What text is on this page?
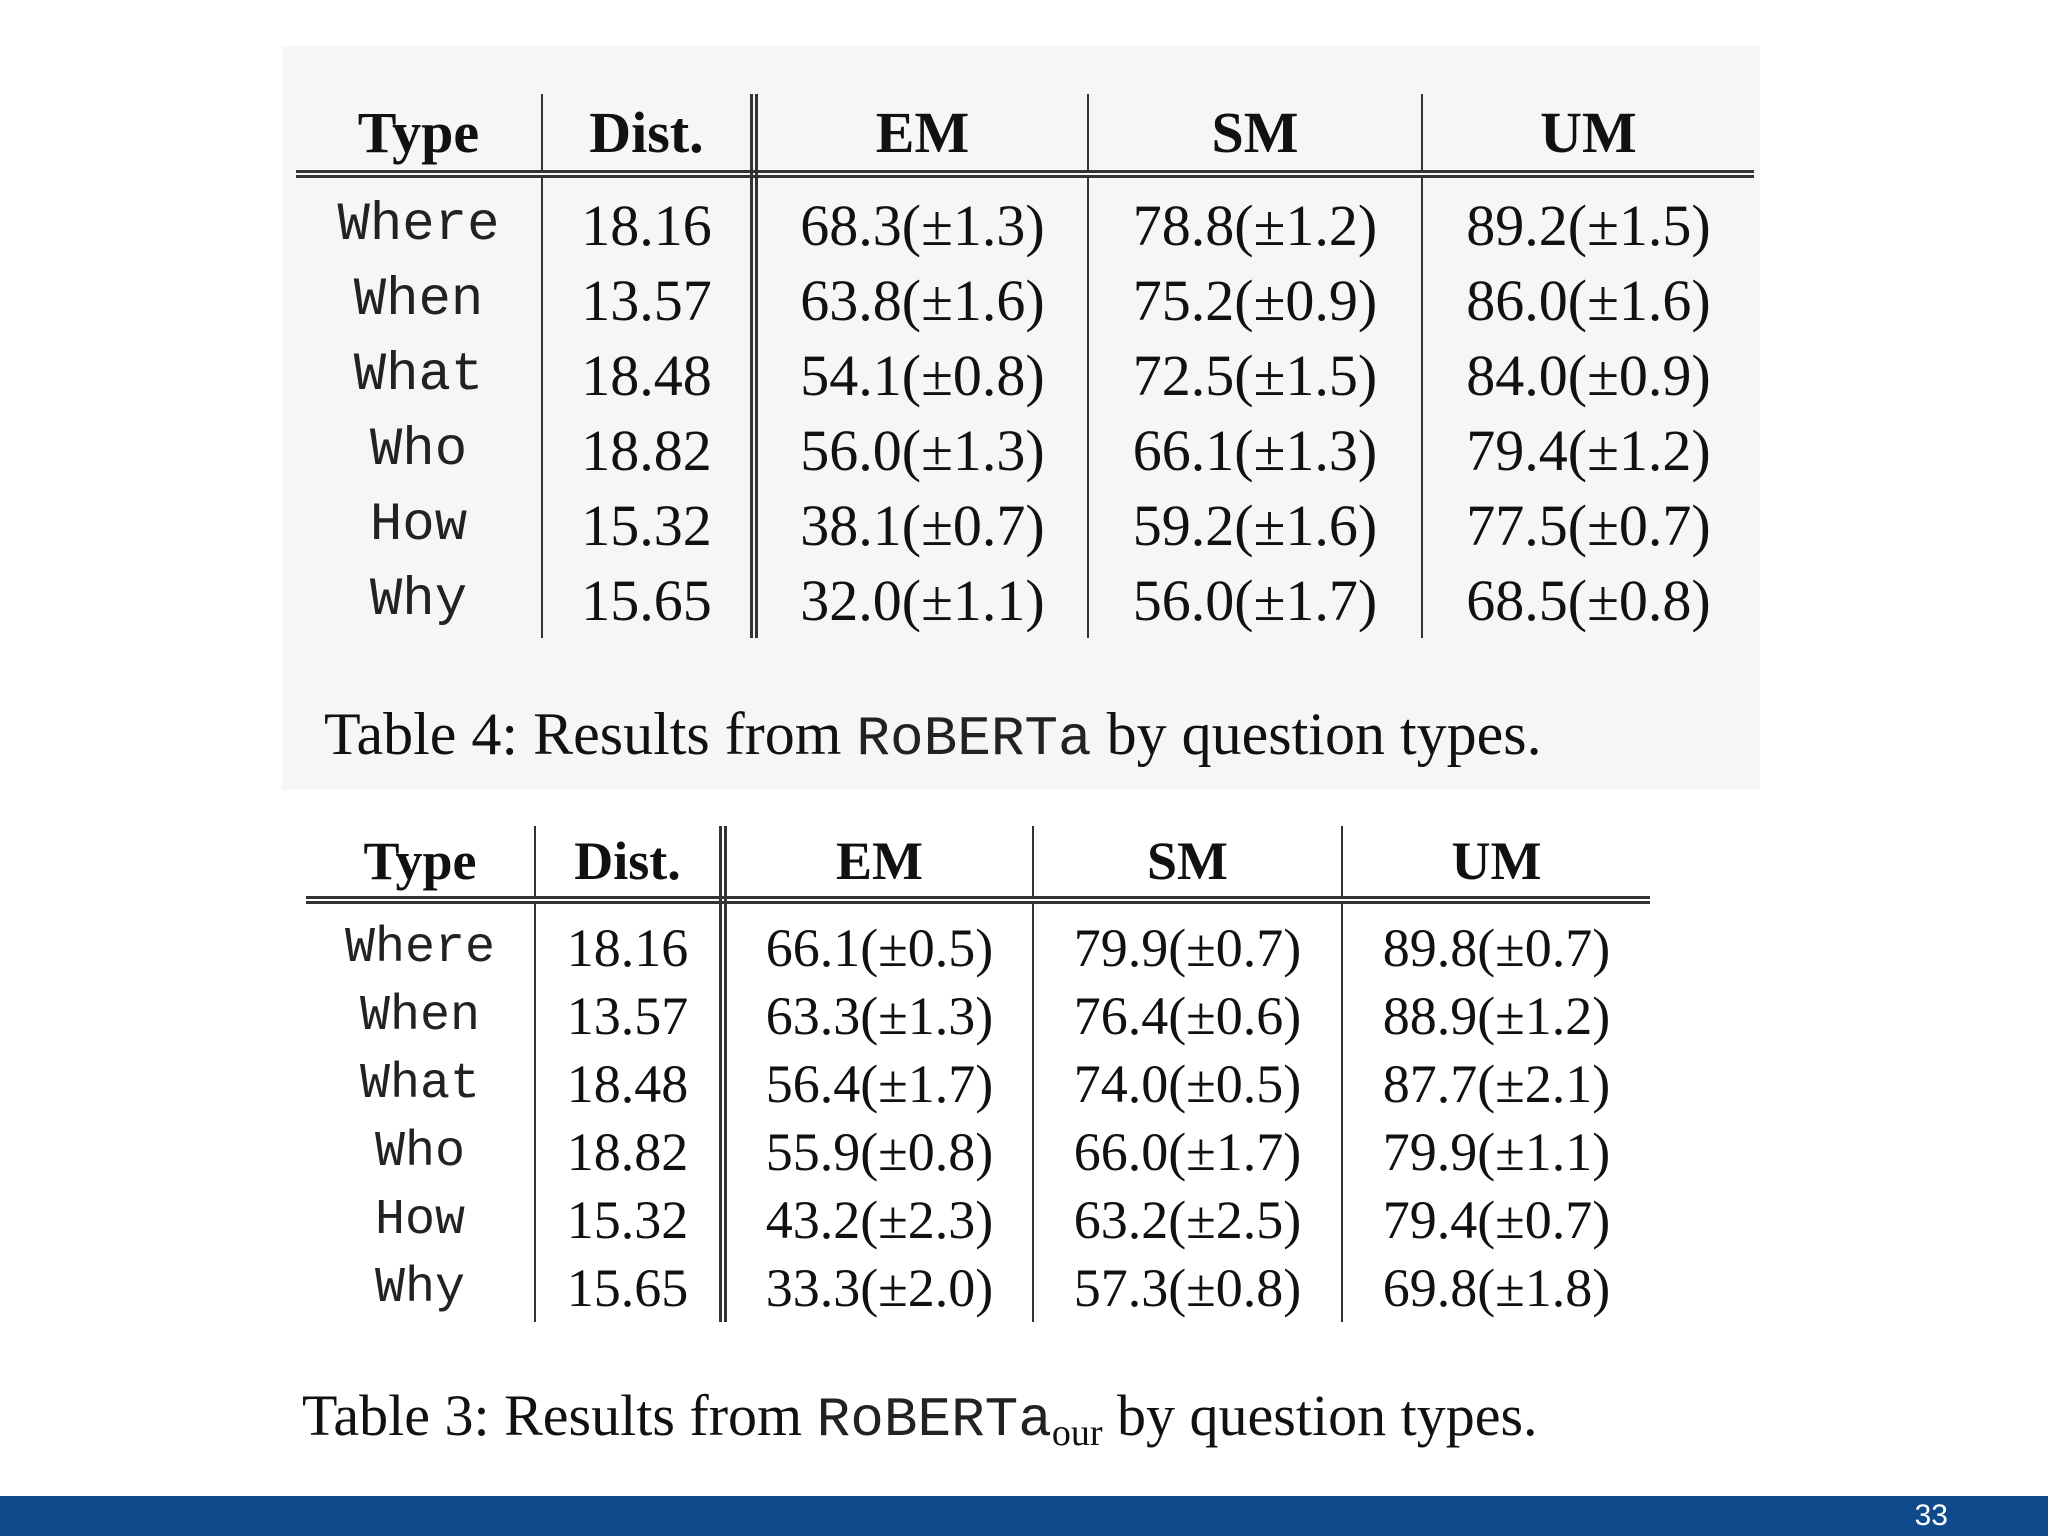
Type	Dist.	EM	SM	UM
Where	18.16	68.3(±1.3)	78.8(±1.2)	89.2(±1.5)
When	13.57	63.8(±1.6)	75.2(±0.9)	86.0(±1.6)
What	18.48	54.1(±0.8)	72.5(±1.5)	84.0(±0.9)
Who	18.82	56.0(±1.3)	66.1(±1.3)	79.4(±1.2)
How	15.32	38.1(±0.7)	59.2(±1.6)	77.5(±0.7)
Why	15.65	32.0(±1.1)	56.0(±1.7)	68.5(±0.8)
Table 4: Results from RoBERTa by question types.
Type	Dist.	EM	SM	UM
Where	18.16	66.1(±0.5)	79.9(±0.7)	89.8(±0.7)
When	13.57	63.3(±1.3)	76.4(±0.6)	88.9(±1.2)
What	18.48	56.4(±1.7)	74.0(±0.5)	87.7(±2.1)
Who	18.82	55.9(±0.8)	66.0(±1.7)	79.9(±1.1)
How	15.32	43.2(±2.3)	63.2(±2.5)	79.4(±0.7)
Why	15.65	33.3(±2.0)	57.3(±0.8)	69.8(±1.8)
Table 3: Results from RoBERTa$_{our}$ by question types.
33
